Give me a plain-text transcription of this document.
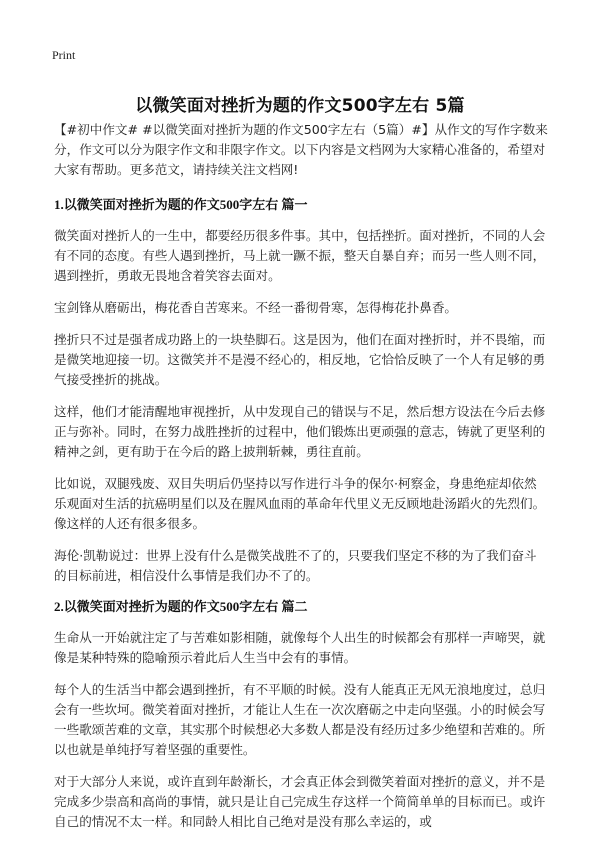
Print
以微笑面对挫折为题的作文500字左右 5篇

【#初中作文# #以微笑面对挫折为题的作文500字左右（5篇）#】从作文的写作字数来分，作文可以分为限字作文和非限字作文。以下内容是文档网为大家精心准备的，希望对大家有帮助。更多范文，请持续关注文档网!

1.以微笑面对挫折为题的作文500字左右 篇一

微笑面对挫折人的一生中，都要经历很多件事。其中，包括挫折。面对挫折，不同的人会有不同的态度。有些人遇到挫折，马上就一蹶不振，整天自暴自弃；而另一些人则不同，遇到挫折，勇敢无畏地含着笑容去面对。

宝剑锋从磨砺出，梅花香自苦寒来。不经一番彻骨寒，怎得梅花扑鼻香。

挫折只不过是强者成功路上的一块垫脚石。这是因为，他们在面对挫折时，并不畏缩，而是微笑地迎接一切。这微笑并不是漫不经心的，相反地，它恰恰反映了一个人有足够的勇气接受挫折的挑战。

这样，他们才能清醒地审视挫折，从中发现自己的错误与不足，然后想方设法在今后去修正与弥补。同时，在努力战胜挫折的过程中，他们锻炼出更顽强的意志，铸就了更坚利的精神之剑，更有助于在今后的路上披荆斩棘，勇往直前。

比如说，双腿残废、双目失明后仍坚持以写作进行斗争的保尔·柯察金，身患绝症却依然乐观面对生活的抗癌明星们以及在腥风血雨的革命年代里义无反顾地赴汤蹈火的先烈们。像这样的人还有很多很多。

海伦·凯勒说过：世界上没有什么是微笑战胜不了的，只要我们坚定不移的为了我们奋斗的目标前进，相信没什么事情是我们办不了的。

2.以微笑面对挫折为题的作文500字左右 篇二

生命从一开始就注定了与苦难如影相随，就像每个人出生的时候都会有那样一声啼哭，就像是某种特殊的隐喻预示着此后人生当中会有的事情。

每个人的生活当中都会遇到挫折，有不平顺的时候。没有人能真正无风无浪地度过，总归会有一些坎坷。微笑着面对挫折，才能让人生在一次次磨砺之中走向坚强。小的时候会写一些歌颂苦难的文章，其实那个时候想必大多数人都是没有经历过多少绝望和苦难的。所以也就是单纯抒写着坚强的重要性。

对于大部分人来说，或许直到年龄渐长，才会真正体会到微笑着面对挫折的意义，并不是完成多少崇高和高尚的事情，就只是让自己完成生存这样一个简简单单的目标而已。或许自己的情况不太一样。和同龄人相比自己绝对是没有那么幸运的，或
